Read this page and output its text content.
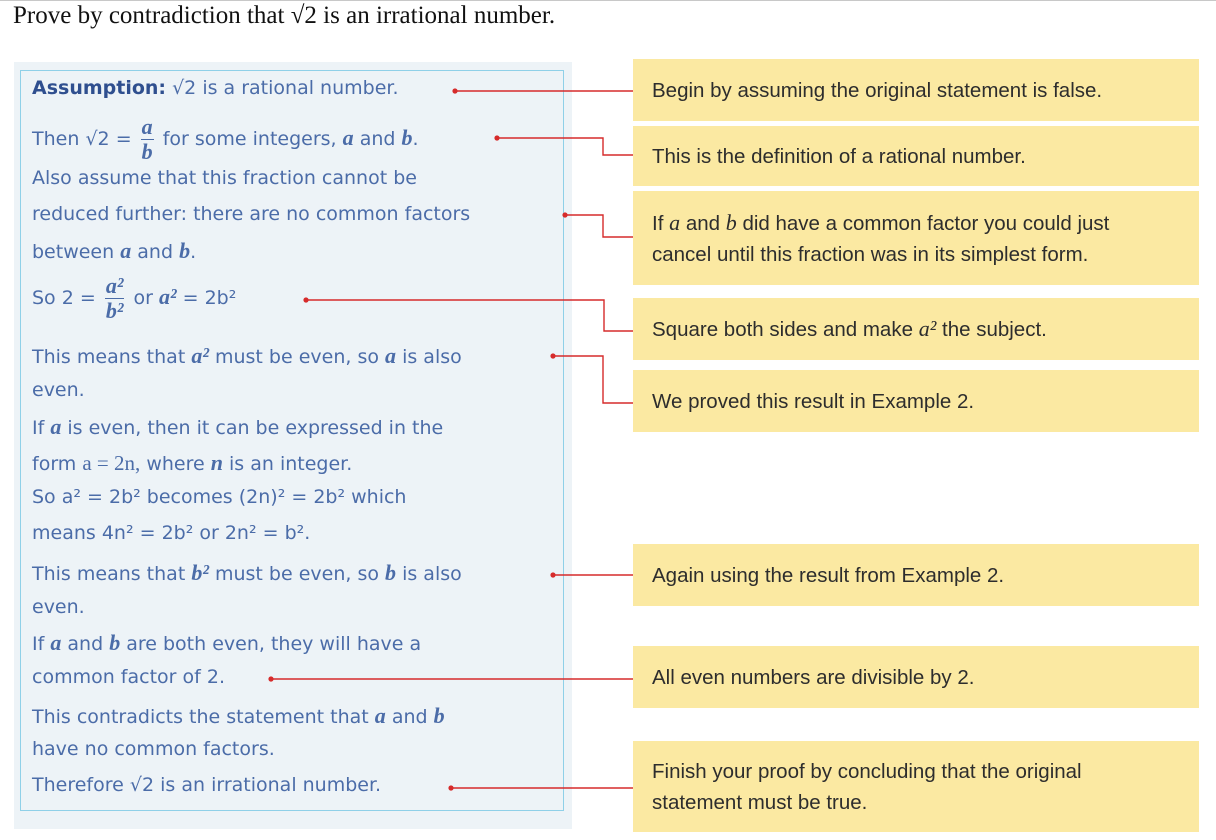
Prove by contradiction that √2 is an irrational number.
Assumption: √2 is a rational number.
Then $√2 = \frac{a}{b}$ for some integers, a and b.
Also assume that this fraction cannot be
reduced further: there are no common factors
between a and b.
So $2 = \frac{\text{a²}}{\text{b²}}$ or a² = 2b²
This means that a² must be even, so a is also
even.
If a is even, then it can be expressed in the
form a = 2n, where n is an integer.
So a² = 2b² becomes (2n)² = 2b² which
means 4n² = 2b² or 2n² = b².
This means that b² must be even, so b is also
even.
If a and b are both even, they will have a
common factor of 2.
This contradicts the statement that a and b
have no common factors.
Therefore √2 is an irrational number.
Begin by assuming the original statement is false.
This is the definition of a rational number.
If a and b did have a common factor you could just
cancel until this fraction was in its simplest form.
Square both sides and make a² the subject.
We proved this result in Example 2.
Again using the result from Example 2.
All even numbers are divisible by 2.
Finish your proof by concluding that the original
statement must be true.
